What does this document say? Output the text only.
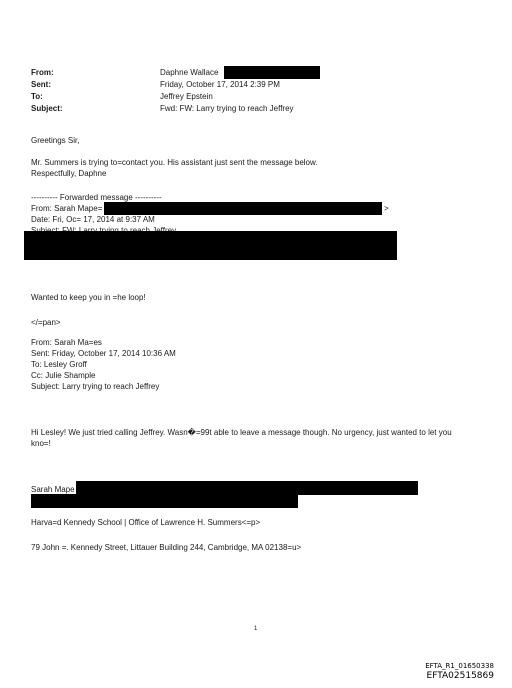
From:
Sent:
To:
Subject:
Daphne Wallace
Friday, October 17, 2014 2:39 PM
Jeffrey Epstein
Fwd: FW: Larry trying to reach Jeffrey
Greetings Sir,
Mr. Summers is trying to=contact you. His assistant just sent the message below.
Respectfully, Daphne
---------- Forwarded message ----------
From: Sarah Mape=	>
Date: Fri, Oc= 17, 2014 at 9:37 AM
Wanted to keep you in =he loop!
</=pan>
From: Sarah Ma=es
Sent: Friday, October 17, 2014 10:36 AM
To: Lesley Groff
Cc: Julie Shample
Subject: Larry trying to reach Jeffrey
Hi Lesley! We just tried calling Jeffrey. Wasn�=99t able to leave a message though. No urgency, just wanted to let you
kno=!
Sarah Mape
Harva=d Kennedy School | Office of Lawrence H. Summers<=p>
79 John =. Kennedy Street, Littauer Building 244, Cambridge, MA 02138=u>
1
EFTA_R1_01650338
EFTA02515869
